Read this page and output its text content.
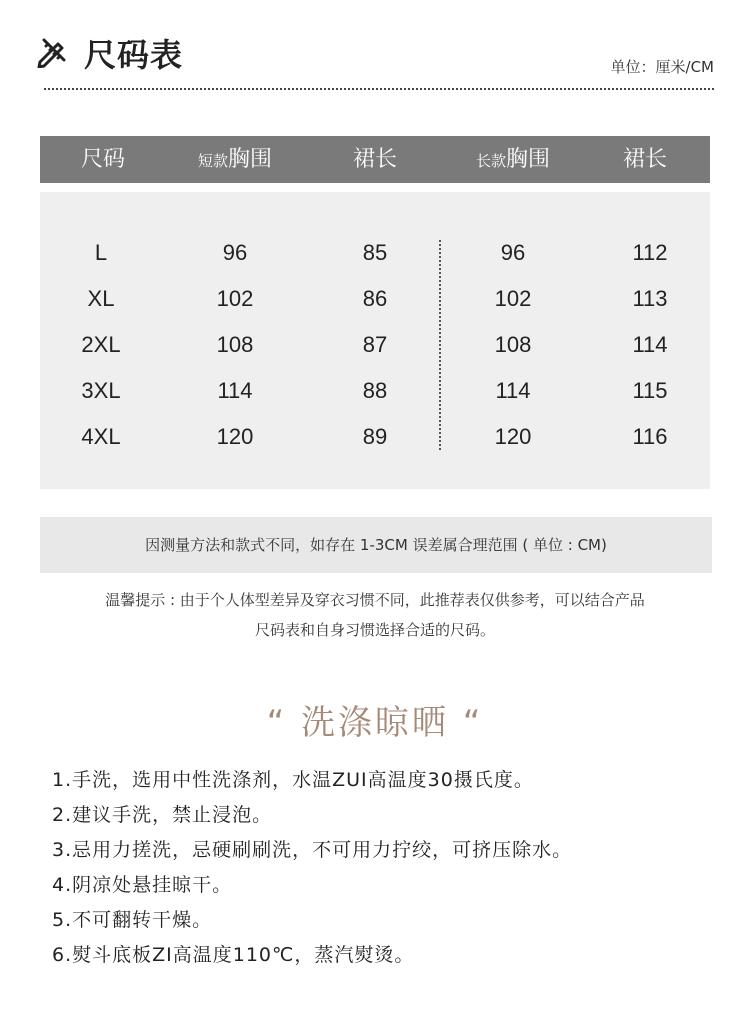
尺码表	单位：厘米/CM
尺码	短款胸围	裙长	长款胸围	裙长
L	96	85	96	112
XL	102	86	102	113
2XL	108	87	108	114
3XL	114	88	114	115
4XL	120	89	120	116
因测量方法和款式不同，如存在 1-3CM 误差属合理范围 ( 单位 : CM)
温馨提示 : 由于个人体型差异及穿衣习惯不同，此推荐表仅供参考，可以结合产品
尺码表和自身习惯选择合适的尺码。
“ 洗涤晾晒 “
1.手洗，选用中性洗涤剂，水温ZUI高温度30摄氏度。
2.建议手洗，禁止浸泡。
3.忌用力搓洗，忌硬刷刷洗，不可用力拧绞，可挤压除水。
4.阴凉处悬挂晾干。
5.不可翻转干燥。
6.熨斗底板ZI高温度110℃，蒸汽熨烫。
